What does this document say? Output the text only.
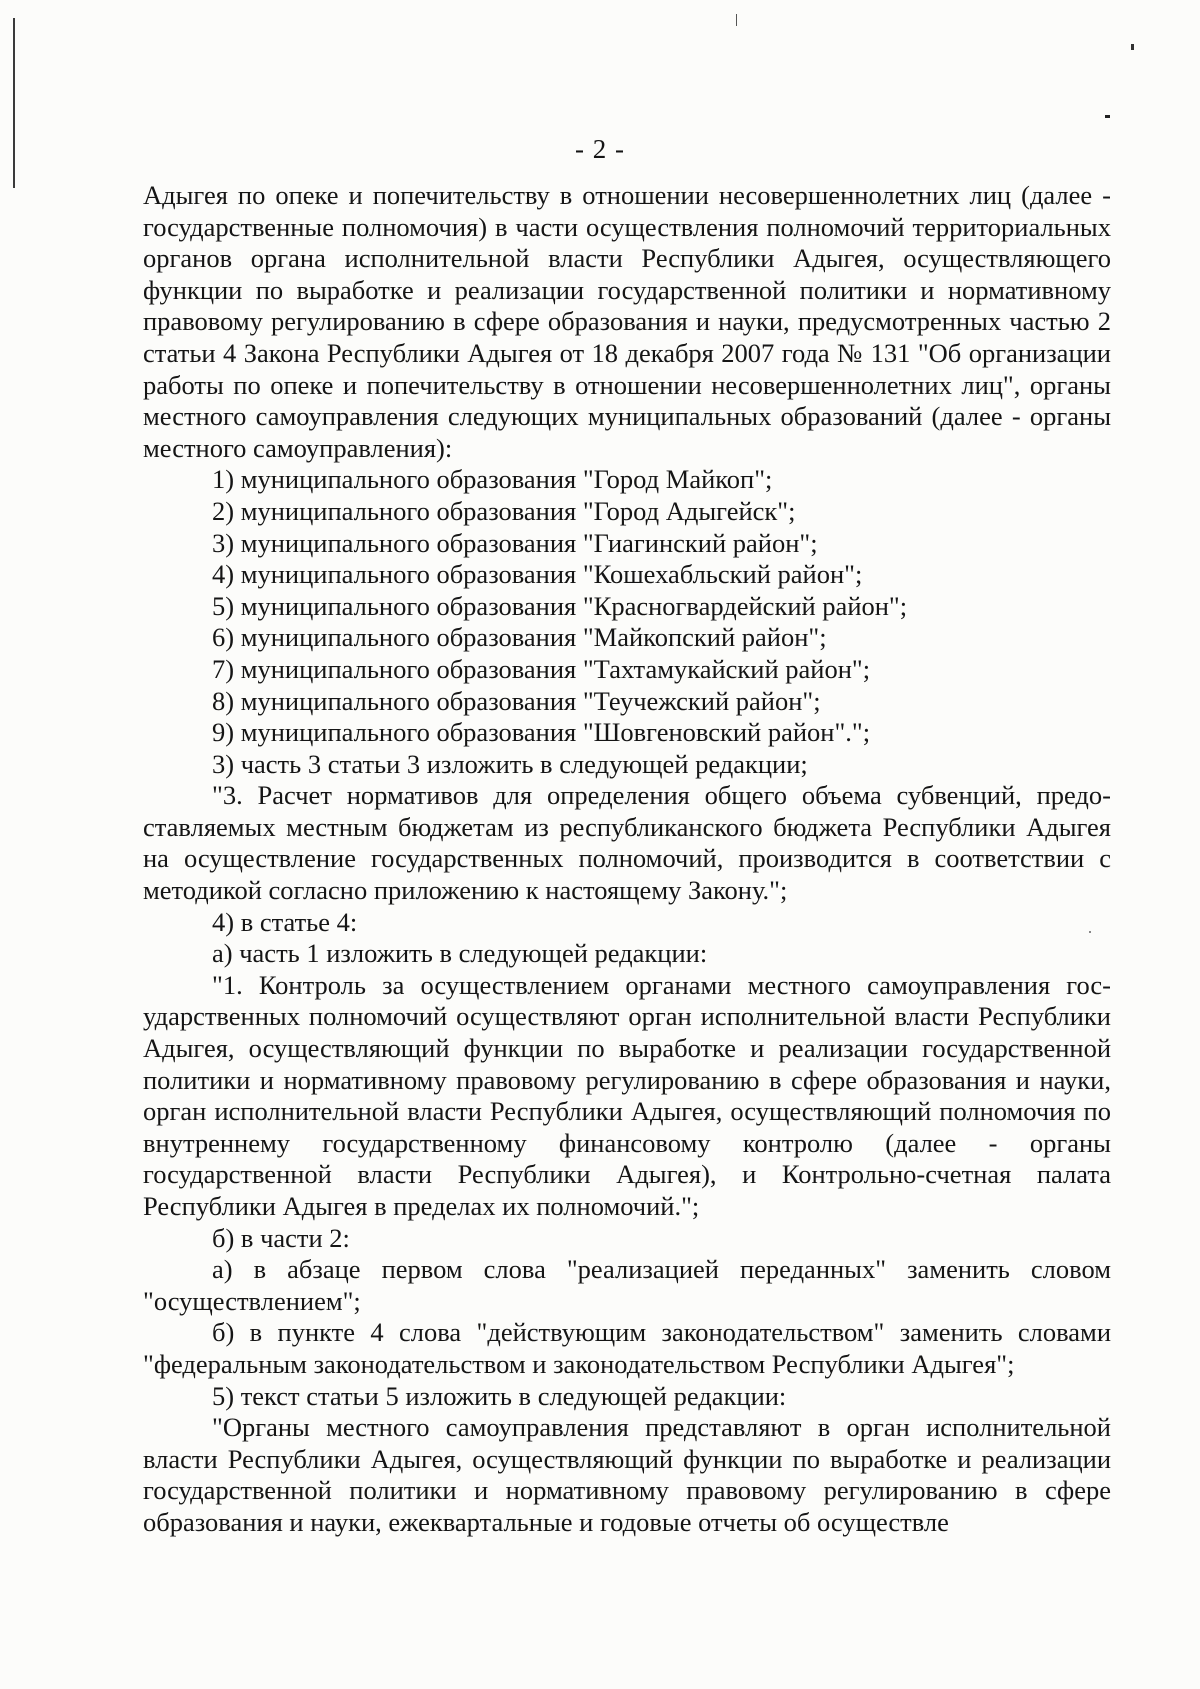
- 2 -

Адыгея по опеке и попечительству в отношении несовершеннолетних лиц (далее - государственные полномочия) в части осуществления полномочий территориальных органов органа исполнительной власти Республики Адыгея, осуществляющего функции по выработке и реализации государственной политики и нормативному правовому регулированию в сфере образования и науки, предусмотренных частью 2 статьи 4 Закона Республики Адыгея от 18 декабря 2007 года № 131 "Об организации работы по опеке и попечительству в отношении несовершеннолетних лиц", органы местного самоуправления следующих муниципальных образований (далее - органы местного самоуправления):

1) муниципального образования "Город Майкоп";

2) муниципального образования "Город Адыгейск";

3) муниципального образования "Гиагинский район";

4) муниципального образования "Кошехабльский район";

5) муниципального образования "Красногвардейский район";

6) муниципального образования "Майкопский район";

7) муниципального образования "Тахтамукайский район";

8) муниципального образования "Теучежский район";

9) муниципального образования "Шовгеновский район".";

3) часть 3 статьи 3 изложить в следующей редакции;

"3. Расчет нормативов для определения общего объема субвенций, предоставляемых местным бюджетам из республиканского бюджета Республики Адыгея на осуществление государственных полномочий, производится в соответствии с методикой согласно приложению к настоящему Закону.";

4) в статье 4:

а) часть 1 изложить в следующей редакции:

"1. Контроль за осуществлением органами местного самоуправления государственных полномочий осуществляют орган исполнительной власти Республики Адыгея, осуществляющий функции по выработке и реализации государственной политики и нормативному правовому регулированию в сфере образования и науки, орган исполнительной власти Республики Адыгея, осуществляющий полномочия по внутреннему государственному финансовому контролю (далее - органы государственной власти Республики Адыгея), и Контрольно-счетная палата Республики Адыгея в пределах их полномочий.";

б) в части 2:

а) в абзаце первом слова "реализацией переданных" заменить словом "осуществлением";

б) в пункте 4 слова "действующим законодательством" заменить словами "федеральным законодательством и законодательством Республики Адыгея";

5) текст статьи 5 изложить в следующей редакции:

"Органы местного самоуправления представляют в орган исполнительной власти Республики Адыгея, осуществляющий функции по выработке и реализации государственной политики и нормативному правовому регулированию в сфере образования и науки, ежеквартальные и годовые отчеты об осуществле
